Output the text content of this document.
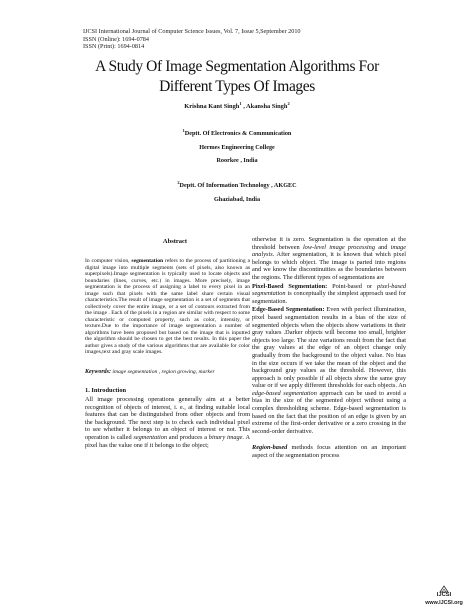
IJCSI International Journal of Computer Science Issues, Vol. 7, Issue 5,September 2010
ISSN (Online): 1694-0784
ISSN (Print): 1694-0814
A Study Of Image Segmentation Algorithms For
Different Types Of Images
Krishna Kant Singh$^1$ , Akansha Singh$^2$
$^1$Deptt. Of Electronics & Communication
Hermes Engineering College
Roorkee , India
$^2$Deptt. Of Information Technology , AKGEC
Ghaziabad, India
Abstract
In computer vision, segmentation refers to the process of partitioning a digital image into multiple segments (sets of pixels, also known as superpixels).Image segmentation is typically used to locate objects and boundaries (lines, curves, etc.) in images. More precisely, image segmentation is the process of assigning a label to every pixel in an image such that pixels with the same label share certain visual characteristics.The result of image segmentation is a set of segments that collectively cover the entire image, or a set of contours extracted from the image . Each of the pixels in a region are similar with respect to some characteristic or computed property, such as color, intensity, or texture.Due to the importance of image segmentation a number of algorithms have been proposed but based on the image that is inputted the algorithm should be chosen to get the best results. In this paper the author gives a study of the various algorithms that are available for color images,text and gray scale images.
Keywords: image segmentation , region growing, marker
1. Introduction
All image processing operations generally aim at a better recognition of objects of interest, i. e., at finding suitable local features that can be distinguished from other objects and from the background. The next step is to check each individual pixel to see whether it belongs to an object of interest or not. This operation is called segmentation and produces a binary image. A pixel has the value one if it belongs to the object;

otherwise it is zero. Segmentation is the operation at the threshold between low-level image processing and image analysis. After segmentation, it is known that which pixel belongs to which object. The image is parted into regions and we know the discontinuities as the boundaries between the regions. The different types of segmentations are

Pixel-Based Segmentation: Point-based or pixel-based segmentation is conceptually the simplest approach used for segmentation.

Edge-Based Segmentation: Even with perfect illumination, pixel based segmentation results in a bias of the size of segmented objects when the objects show variations in their gray values .Darker objects will become too small, brighter objects too large. The size variations result from the fact that the gray values at the edge of an object change only gradually from the background to the object value. No bias in the size occurs if we take the mean of the object and the background gray values as the threshold. However, this approach is only possible if all objects show the same gray value or if we apply different thresholds for each objects. An edge-based segmentation approach can be used to avoid a bias in the size of the segmented object without using a complex thresholding scheme. Edge-based segmentation is based on the fact that the position of an edge is given by an extreme of the first-order derivative or a zero crossing in the second-order derivative.

Region-based methods focus attention on an important aspect of the segmentation process

IJCSI
www.IJCSI.org
